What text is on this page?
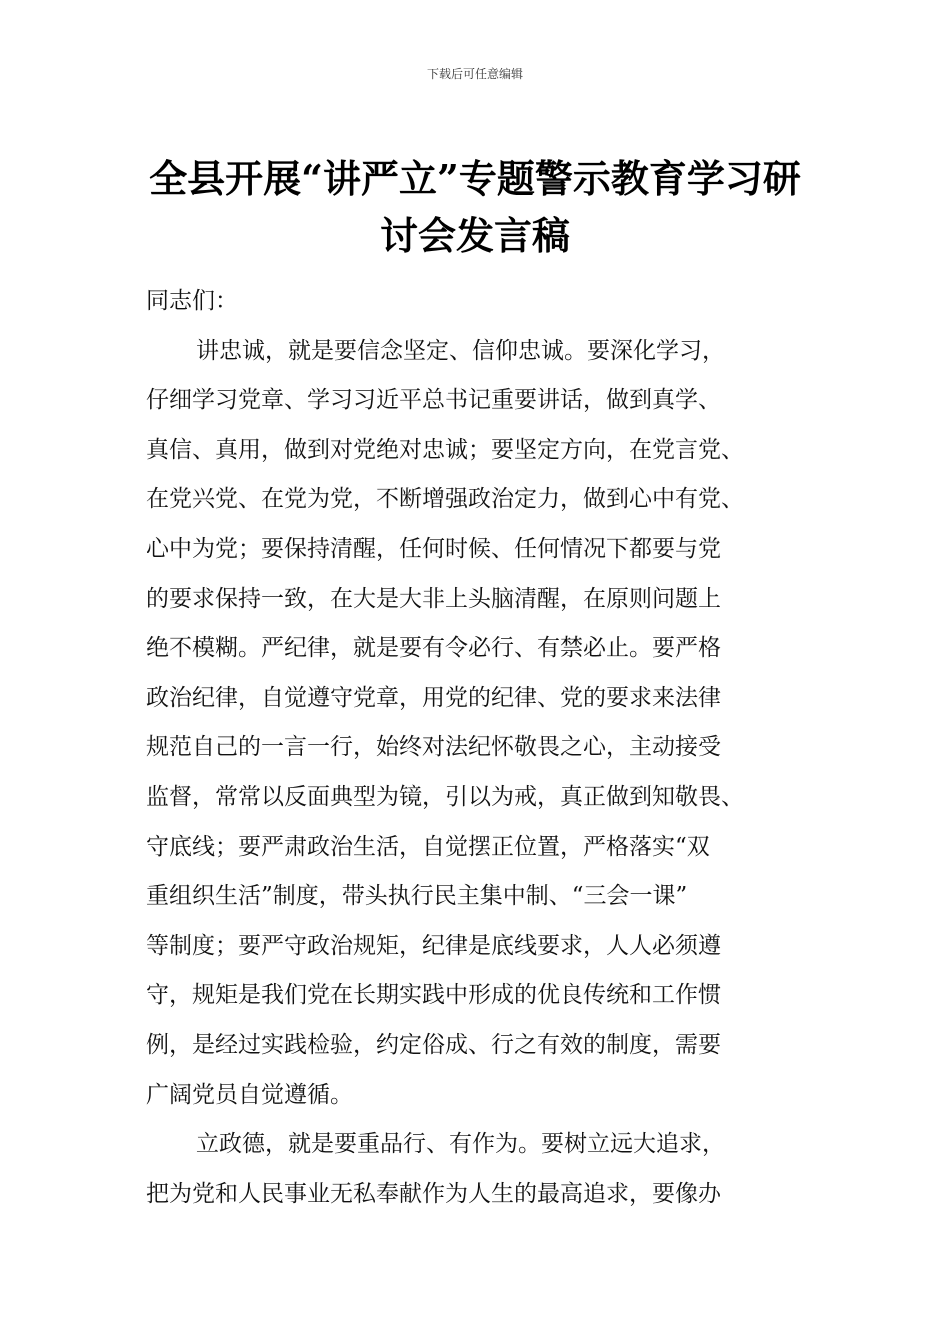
下载后可任意编辑
全县开展“讲严立”专题警示教育学习研
讨会发言稿

同志们：

讲忠诚，就是要信念坚定、信仰忠诚。要深化学习，
仔细学习党章、学习习近平总书记重要讲话，做到真学、
真信、真用，做到对党绝对忠诚；要坚定方向，在党言党、
在党兴党、在党为党，不断增强政治定力，做到心中有党、
心中为党；要保持清醒，任何时候、任何情况下都要与党
的要求保持一致，在大是大非上头脑清醒，在原则问题上
绝不模糊。严纪律，就是要有令必行、有禁必止。要严格
政治纪律，自觉遵守党章，用党的纪律、党的要求来法律
规范自己的一言一行，始终对法纪怀敬畏之心，主动接受
监督，常常以反面典型为镜，引以为戒，真正做到知敬畏、
守底线；要严肃政治生活，自觉摆正位置，严格落实“双
重组织生活”制度，带头执行民主集中制、“三会一课”
等制度；要严守政治规矩，纪律是底线要求，人人必须遵
守，规矩是我们党在长期实践中形成的优良传统和工作惯
例，是经过实践检验，约定俗成、行之有效的制度，需要
广阔党员自觉遵循。

立政德，就是要重品行、有作为。要树立远大追求，
把为党和人民事业无私奉献作为人生的最高追求，要像办
